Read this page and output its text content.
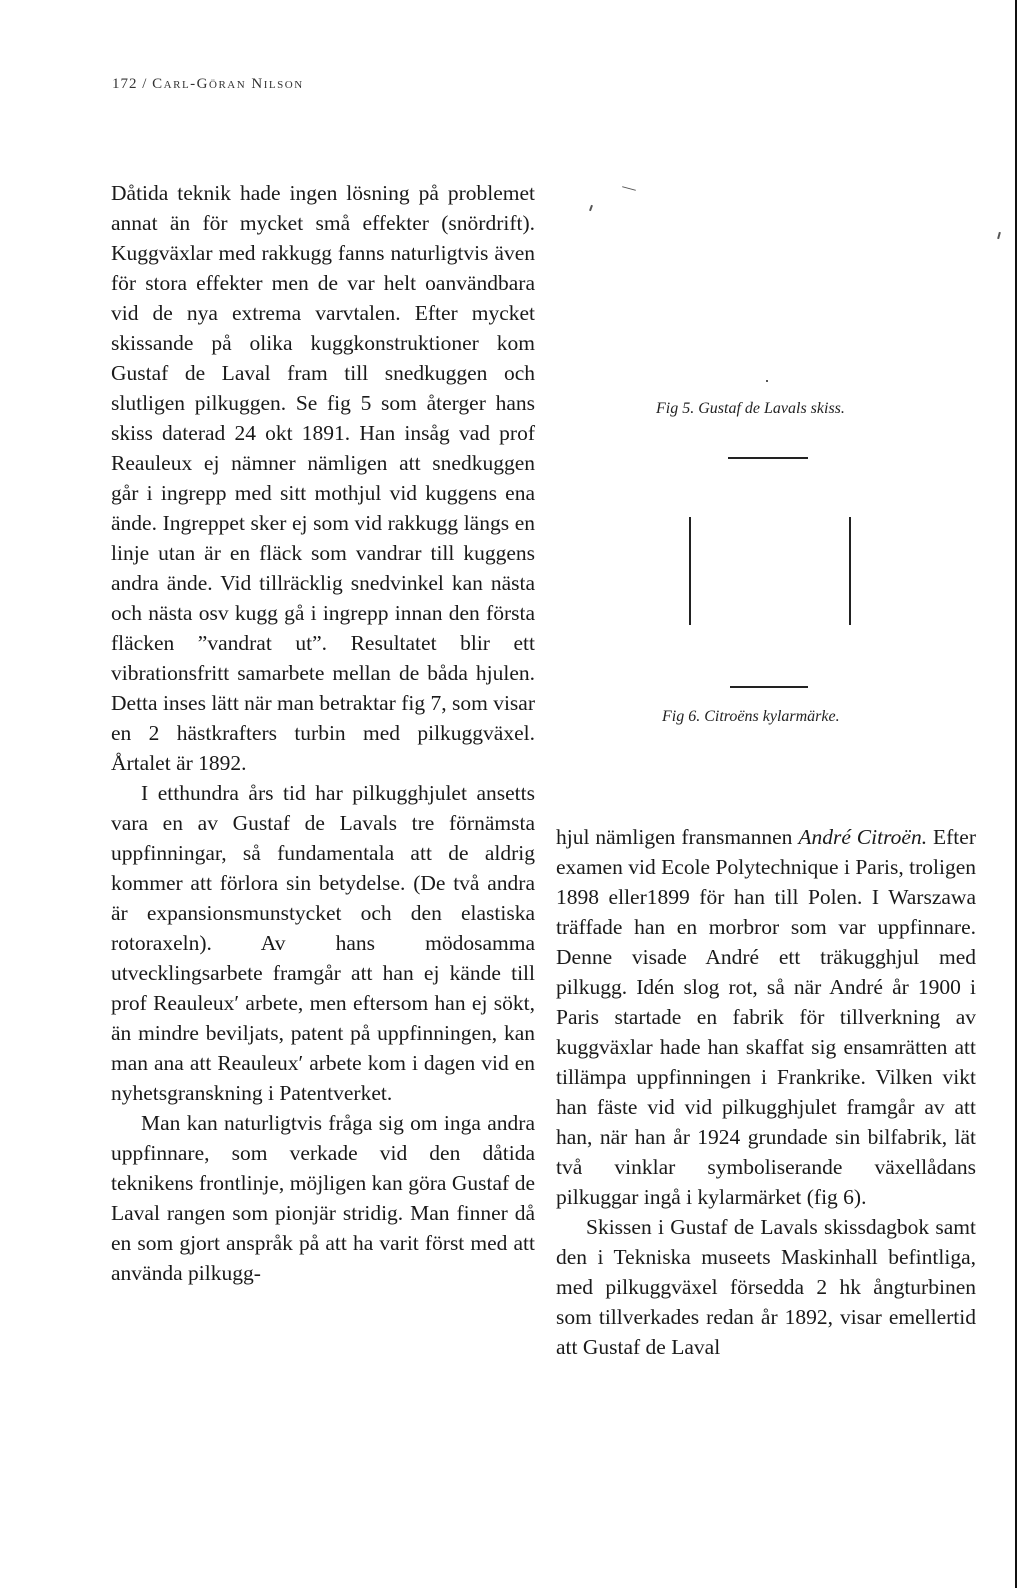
172 / Carl-Göran Nilson

Dåtida teknik hade ingen lösning på problemet annat än för mycket små effekter (snördrift). Kuggväxlar med rakkugg fanns naturligtvis även för stora effekter men de var helt oanvändbara vid de nya extrema varvtalen. Efter mycket skissande på olika kuggkonstruktioner kom Gustaf de Laval fram till snedkuggen och slutligen pilkuggen. Se fig 5 som återger hans skiss daterad 24 okt 1891. Han insåg vad prof Reauleux ej nämner nämligen att snedkuggen går i ingrepp med sitt mothjul vid kuggens ena ände. Ingreppet sker ej som vid rakkugg längs en linje utan är en fläck som vandrar till kuggens andra ände. Vid tillräcklig snedvinkel kan nästa och nästa osv kugg gå i ingrepp innan den första fläcken ”vandrat ut”. Resultatet blir ett vibrationsfritt samarbete mellan de båda hjulen. Detta inses lätt när man betraktar fig 7, som visar en 2 hästkrafters turbin med pilkuggväxel. Årtalet är 1892.

I etthundra års tid har pilkugghjulet ansetts vara en av Gustaf de Lavals tre förnämsta uppfinningar, så fundamentala att de aldrig kommer att förlora sin betydelse. (De två andra är expansionsmunstycket och den elastiska rotoraxeln). Av hans mödosamma utvecklingsarbete framgår att han ej kände till prof Reauleux′ arbete, men eftersom han ej sökt, än mindre beviljats, patent på uppfinningen, kan man ana att Reauleux′ arbete kom i dagen vid en nyhetsgranskning i Patentverket.

Man kan naturligtvis fråga sig om inga andra uppfinnare, som verkade vid den dåtida teknikens frontlinje, möjligen kan göra Gustaf de Laval rangen som pionjär stridig. Man finner då en som gjort anspråk på att ha varit först med att använda pilkugg-

Fig 5. Gustaf de Lavals skiss.
Fig 6. Citroëns kylarmärke.

hjul nämligen fransmannen André Citroën. Efter examen vid Ecole Polytechnique i Paris, troligen 1898 eller1899 för han till Polen. I Warszawa träffade han en morbror som var uppfinnare. Denne visade André ett träkugghjul med pilkugg. Idén slog rot, så när André år 1900 i Paris startade en fabrik för tillverkning av kuggväxlar hade han skaffat sig ensamrätten att tillämpa uppfinningen i Frankrike. Vilken vikt han fäste vid vid pilkugghjulet framgår av att han, när han år 1924 grundade sin bilfabrik, lät två vinklar symboliserande växellådans pilkuggar ingå i kylarmärket (fig 6).

Skissen i Gustaf de Lavals skissdagbok samt den i Tekniska museets Maskinhall befintliga, med pilkuggväxel försedda 2 hk ångturbinen som tillverkades redan år 1892, visar emellertid att Gustaf de Laval
